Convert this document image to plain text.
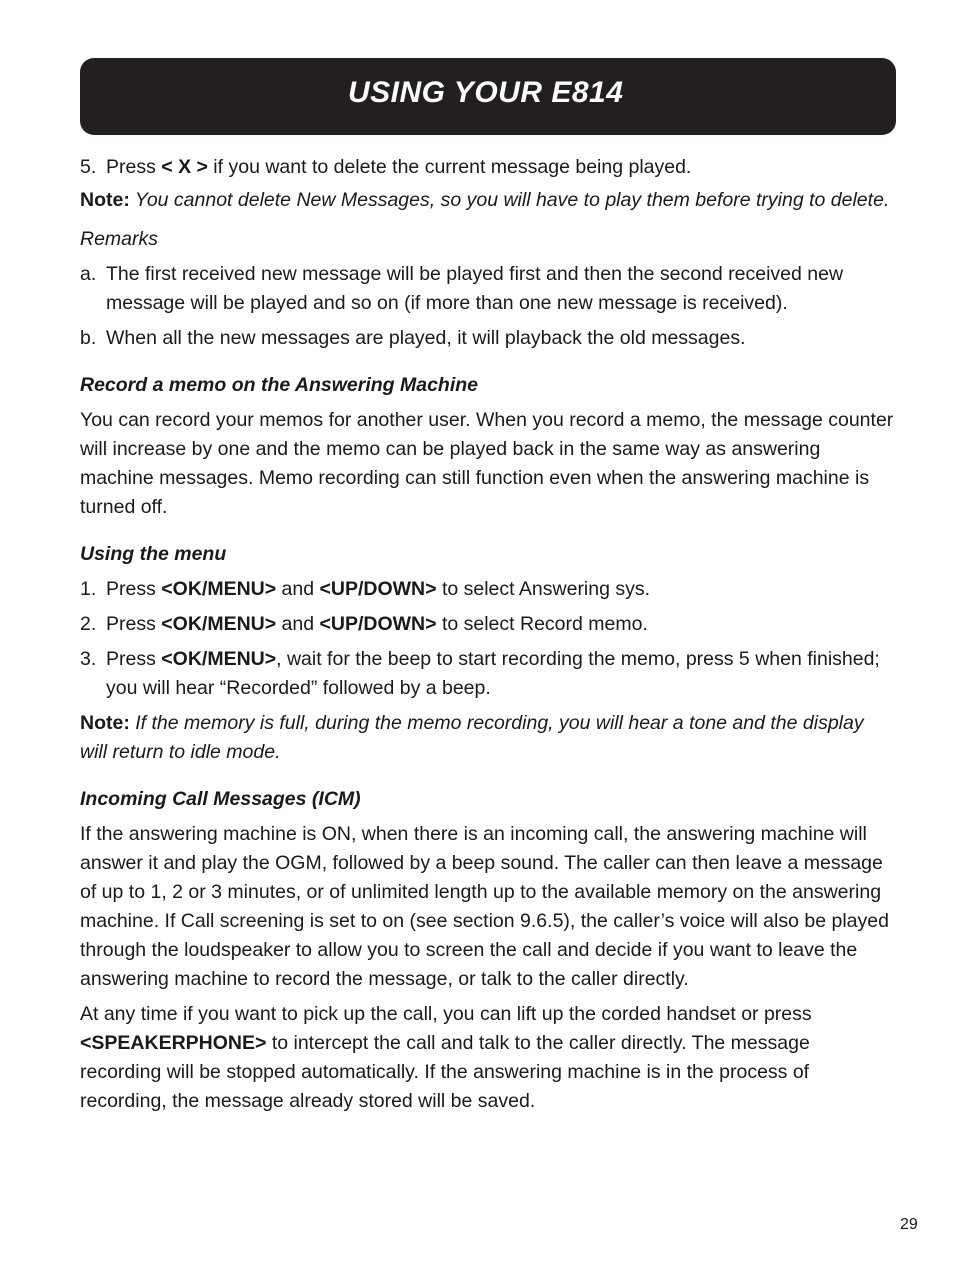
USING YOUR E814
5. Press < X > if you want to delete the current message being played.

Note: You cannot delete New Messages, so you will have to play them before trying to delete.

Remarks

a. The first received new message will be played first and then the second received new message will be played and so on (if more than one new message is received).
b. When all the new messages are played, it will playback the old messages.

Record a memo on the Answering Machine

You can record your memos for another user. When you record a memo, the message counter will increase by one and the memo can be played back in the same way as answering machine messages. Memo recording can still function even when the answering machine is turned off.

Using the menu

1. Press <OK/MENU> and <UP/DOWN> to select Answering sys.
2. Press <OK/MENU> and <UP/DOWN> to select Record memo.
3. Press <OK/MENU>, wait for the beep to start recording the memo, press 5 when finished; you will hear “Recorded” followed by a beep.

Note: If the memory is full, during the memo recording, you will hear a tone and the display will return to idle mode.

Incoming Call Messages (ICM)

If the answering machine is ON, when there is an incoming call, the answering machine will answer it and play the OGM, followed by a beep sound. The caller can then leave a message of up to 1, 2 or 3 minutes, or of unlimited length up to the available memory on the answering machine. If Call screening is set to on (see section 9.6.5), the caller’s voice will also be played through the loudspeaker to allow you to screen the call and decide if you want to leave the answering machine to record the message, or talk to the caller directly.

At any time if you want to pick up the call, you can lift up the corded handset or press <SPEAKERPHONE> to intercept the call and talk to the caller directly. The message recording will be stopped automatically. If the answering machine is in the process of recording, the message already stored will be saved.

29
